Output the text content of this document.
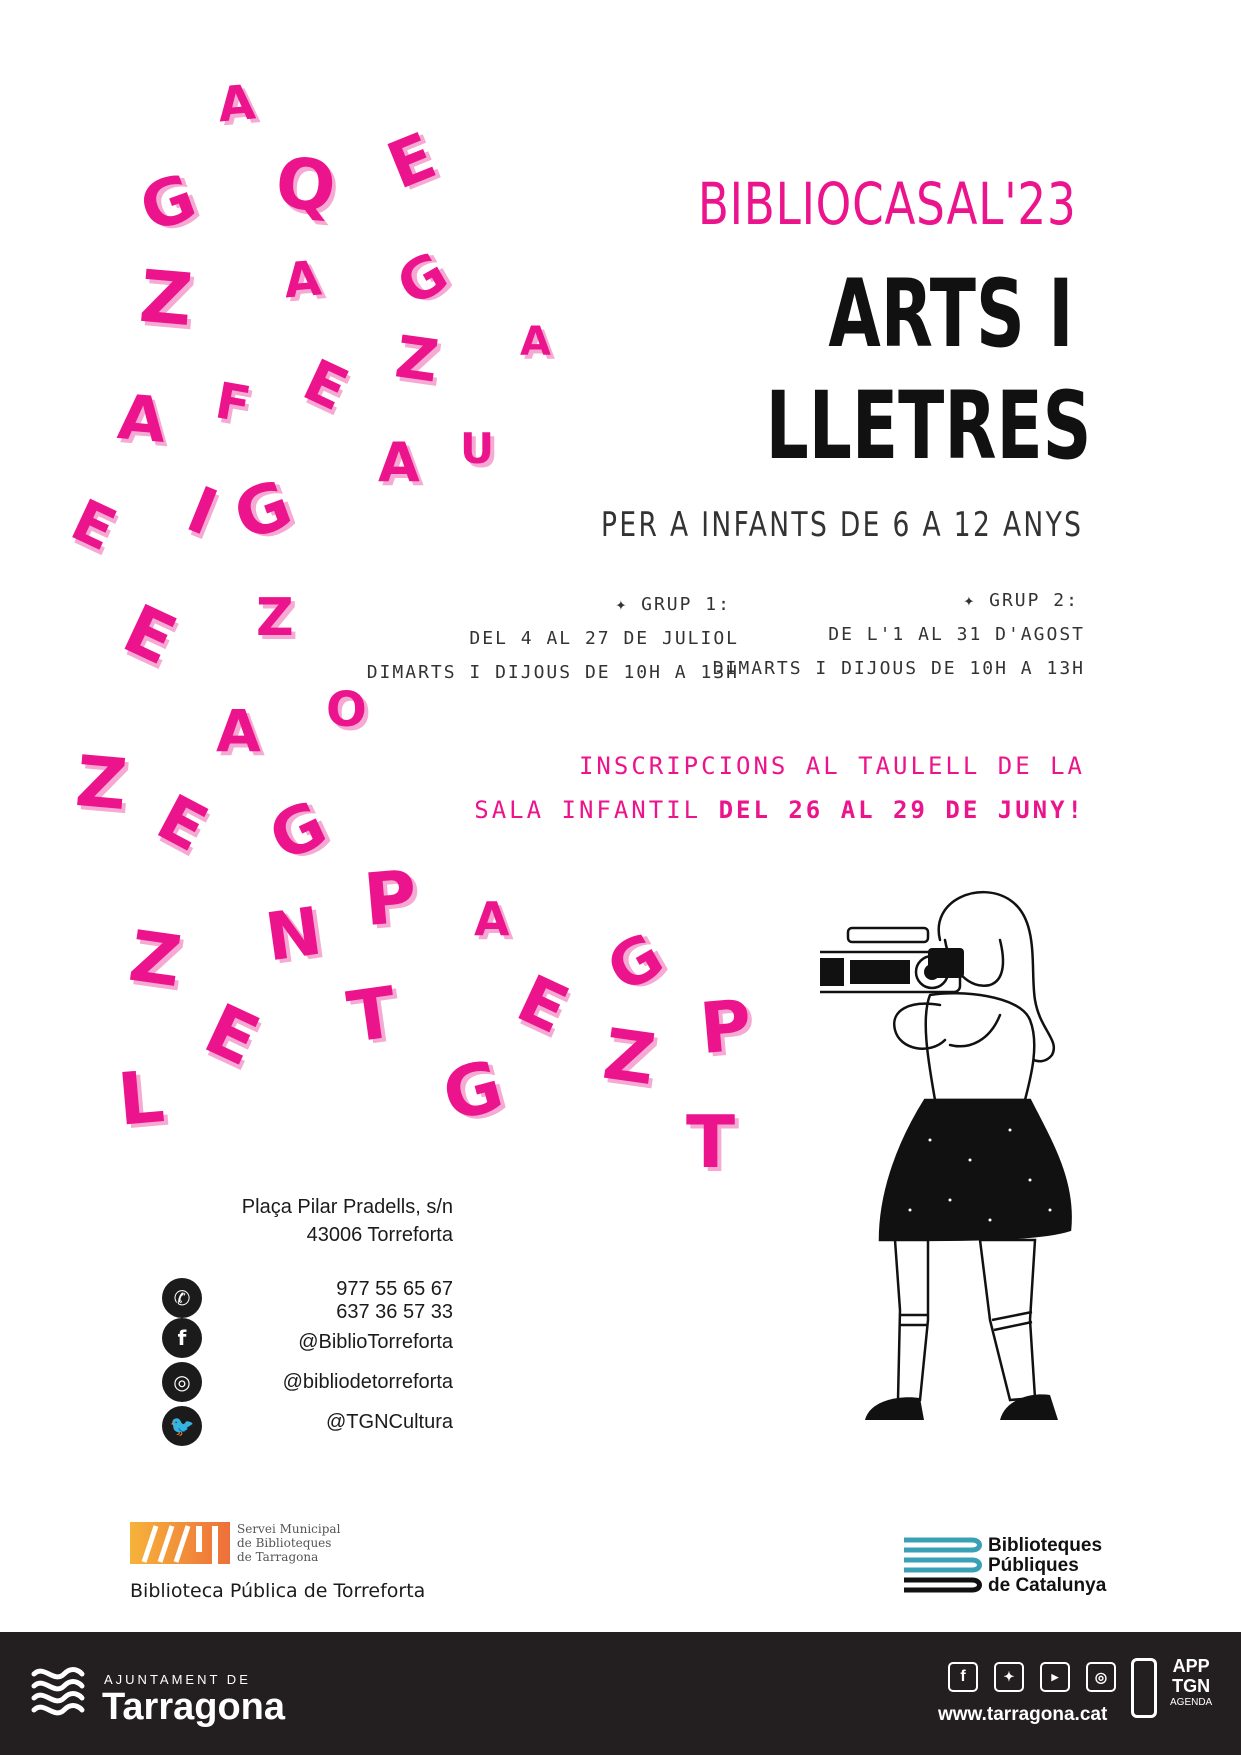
A
G Q E
Z A G
A
A F E Z
A U
E I
G
E Z
A O
Z E G
Z N P A G
L
E T E
Z P
G
T
BIBLIOCASAL'23
ARTS I
LLETRES
PER A INFANTS DE 6 A 12 ANYS
✦ GRUP 1:
DEL 4 AL 27 DE JULIOL
DIMARTS I DIJOUS DE 10H A 13H
✦ GRUP 2:
DE L'1 AL 31 D'AGOST
DIMARTS I DIJOUS DE 10H A 13H
INSCRIPCIONS AL TAULELL DE LA
SALA INFANTIL DEL 26 AL 29 DE JUNY!
Plaça Pilar Pradells, s/n
43006 Torreforta
✆	977 55 65 67
637 36 57 33
f	@BiblioTorreforta
◎	@bibliodetorreforta
🐦	@TGNCultura
Servei Municipal
de Biblioteques
de Tarragona
Biblioteca Pública de Torreforta
Biblioteques
Públiques
de Catalunya
AJUNTAMENT DE
Tarragona
f	✦	▶	◎
APP
TGN
AGENDA
www.tarragona.cat
